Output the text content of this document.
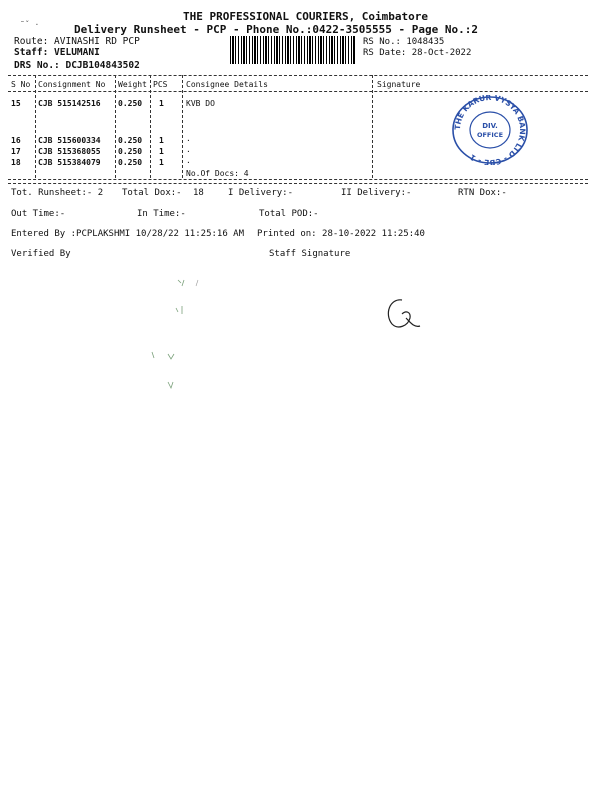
THE PROFESSIONAL COURIERS, Coimbatore
Delivery Runsheet - PCP - Phone No.:0422-3505555 - Page No.:2
˜ˇ ·
Route: AVINASHI RD PCP
Staff: VELUMANI
DRS No.: DCJB104843502
RS No.: 1048435
RS Date: 28-Oct-2022
S No Consignment No Weight PCS Consignee Details	Signature
15 CJB 515142516 0.250 1	KVB DO
16 CJB 515600334 0.250 1	.
17 CJB 515368055 0.250 1	.
18 CJB 515384079 0.250 1	.
No.Of Docs: 4
THE KARUR VYSYA BANK LTD - CBE - 1
DIV.
OFFICE
Tot. Runsheet:- 2 Total Dox:- 18	I Delivery:-	II Delivery:-	RTN Dox:-
Out Time:-	In Time:-	Total POD:-
Entered By :PCPLAKSHMI 10/28/22 11:25:16 AM Printed on: 28-10-2022 11:25:40
Verified By	Staff Signature
